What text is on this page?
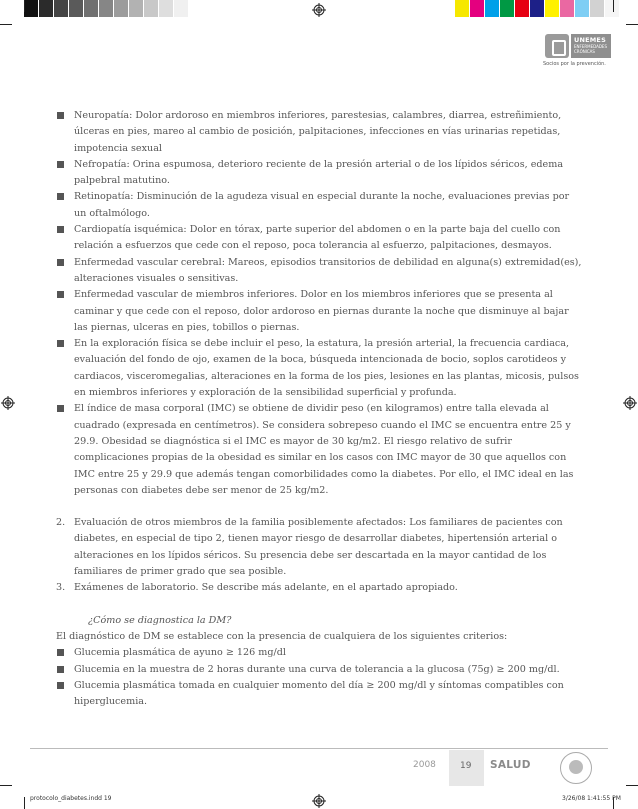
UNEMES
ENFERMEDADES CRÓNICAS
Socios por la prevención.
Neuropatía: Dolor ardoroso en miembros inferiores, parestesias, calambres, diarrea, estreñimiento, úlceras en pies, mareo al cambio de posición, palpitaciones, infecciones en vías urinarias repetidas, impotencia sexual
Nefropatía: Orina espumosa, deterioro reciente de la presión arterial o de los lípidos séricos, edema palpebral matutino.
Retinopatía: Disminución de la agudeza visual en especial durante la noche, evaluaciones previas por un oftalmólogo.
Cardiopatía isquémica: Dolor en tórax, parte superior del abdomen o en la parte baja del cuello con relación a esfuerzos que cede con el reposo, poca tolerancia al esfuerzo, palpitaciones, desmayos.
Enfermedad vascular cerebral: Mareos, episodios transitorios de debilidad en alguna(s) extremidad(es), alteraciones visuales o sensitivas.
Enfermedad vascular de miembros inferiores. Dolor en los miembros inferiores que se presenta al caminar y que cede con el reposo, dolor ardoroso en piernas durante la noche que disminuye al bajar las piernas, ulceras en pies, tobillos o piernas.
En la exploración física se debe incluir el peso, la estatura, la presión arterial, la frecuencia cardiaca, evaluación del fondo de ojo, examen de la boca, búsqueda intencionada de bocio, soplos carotideos y cardiacos, visceromegalias, alteraciones en la forma de los pies, lesiones en las plantas, micosis, pulsos en miembros inferiores y exploración de la sensibilidad superficial y profunda.
El índice de masa corporal (IMC) se obtiene de dividir peso (en kilogramos) entre talla elevada al cuadrado (expresada en centímetros). Se considera sobrepeso cuando el IMC se encuentra entre 25 y 29.9. Obesidad se diagnóstica si el IMC es mayor de 30 kg/m2. El riesgo relativo de sufrir complicaciones propias de la obesidad es similar en los casos con IMC mayor de 30 que aquellos con IMC entre 25 y 29.9 que además tengan comorbilidades como la diabetes. Por ello, el IMC ideal en las personas con diabetes debe ser menor de 25 kg/m2.
2. Evaluación de otros miembros de la familia posiblemente afectados: Los familiares de pacientes con diabetes, en especial de tipo 2, tienen mayor riesgo de desarrollar diabetes, hipertensión arterial o alteraciones en los lípidos séricos. Su presencia debe ser descartada en la mayor cantidad de los familiares de primer grado que sea posible.
3. Exámenes de laboratorio. Se describe más adelante, en el apartado apropiado.
¿Cómo se diagnostica la DM?

El diagnóstico de DM se establece con la presencia de cualquiera de los siguientes criterios:

Glucemia plasmática de ayuno ≥ 126 mg/dl
Glucemia en la muestra de 2 horas durante una curva de tolerancia a la glucosa (75g) ≥ 200 mg/dl.
Glucemia plasmática tomada en cualquier momento del día ≥ 200 mg/dl y síntomas compatibles con hiperglucemia.
2008	19 SALUD
protocolo_diabetes.indd 19	3/26/08 1:41:55 PM
